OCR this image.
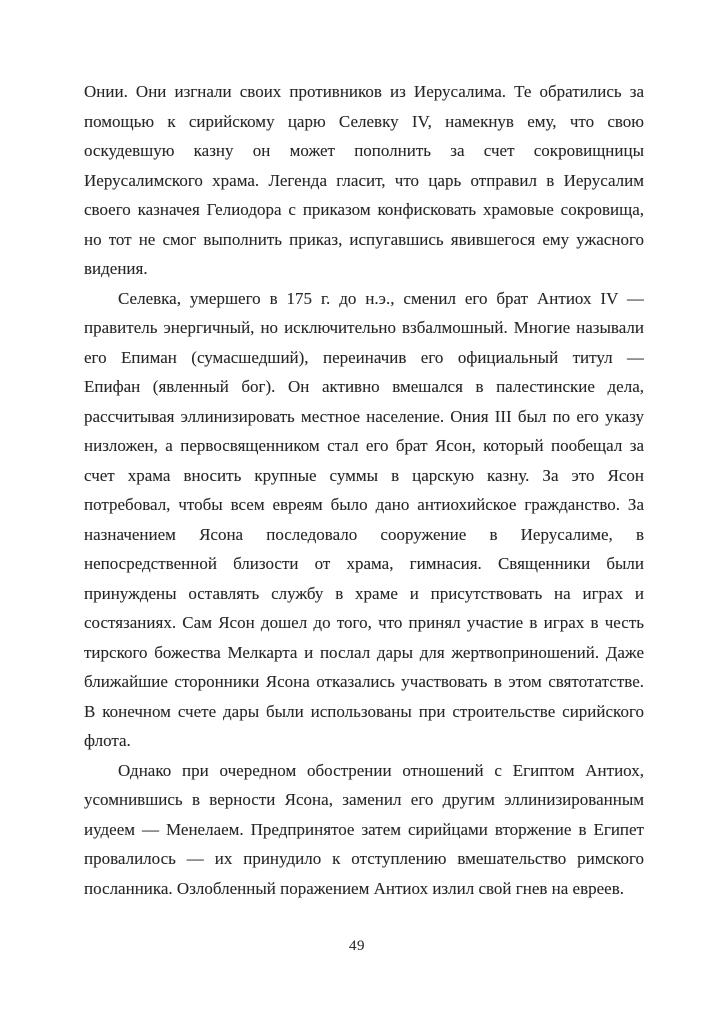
Онии. Они изгнали своих противников из Иерусалима. Те обратились за
помощью к сирийскому царю Селевку IV, намекнув ему, что свою
оскудевшую казну он может пополнить за счет сокровищницы
Иерусалимского храма. Легенда гласит, что царь отправил в Иерусалим
своего казначея Гелиодора с приказом конфисковать храмовые сокровища,
но тот не смог выполнить приказ, испугавшись явившегося ему ужасного
видения.
Селевка, умершего в 175 г. до н.э., сменил его брат Антиох IV —
правитель энергичный, но исключительно взбалмошный. Многие называли
его Епиман (сумасшедший), переиначив его официальный титул —
Епифан (явленный бог). Он активно вмешался в палестинские дела,
рассчитывая эллинизировать местное население. Ония III был по его указу
низложен, а первосвященником стал его брат Ясон, который пообещал за
счет храма вносить крупные суммы в царскую казну. За это Ясон
потребовал, чтобы всем евреям было дано антиохийское гражданство. За
назначением Ясона последовало сооружение в Иерусалиме, в
непосредственной близости от храма, гимнасия. Священники были
принуждены оставлять службу в храме и присутствовать на играх и
состязаниях. Сам Ясон дошел до того, что принял участие в играх в честь
тирского божества Мелкарта и послал дары для жертвоприношений. Даже
ближайшие сторонники Ясона отказались участвовать в этом святотатстве.
В конечном счете дары были использованы при строительстве сирийского
флота.
Однако при очередном обострении отношений с Египтом Антиох,
усомнившись в верности Ясона, заменил его другим эллинизированным
иудеем — Менелаем. Предпринятое затем сирийцами вторжение в Египет
провалилось — их принудило к отступлению вмешательство римского
посланника. Озлобленный поражением Антиох излил свой гнев на евреев.
49
